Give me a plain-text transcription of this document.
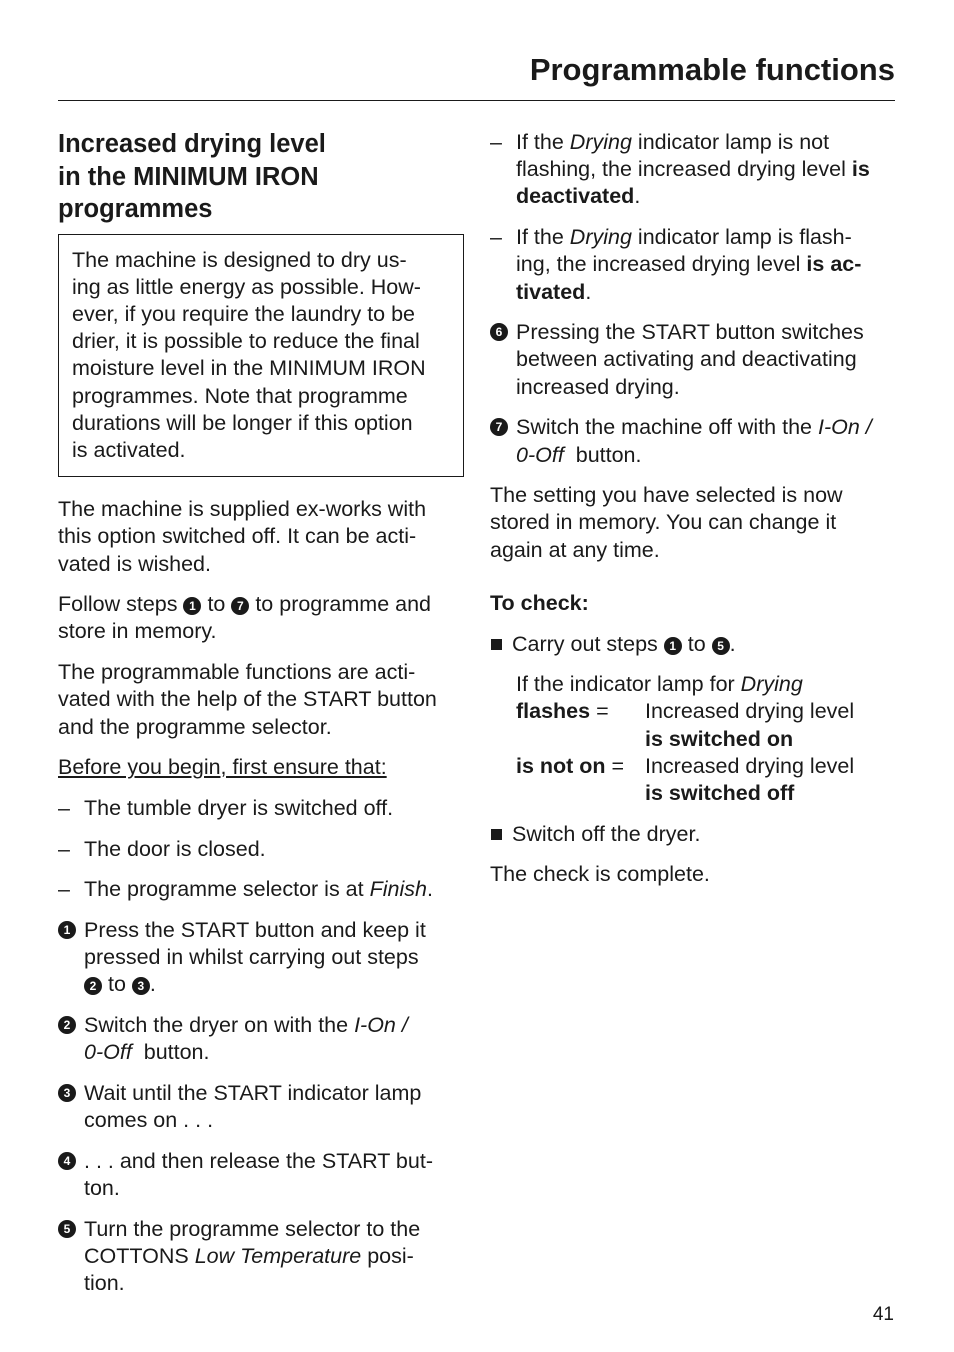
Programmable functions
Increased drying level
in the MINIMUM IRON
programmes
The machine is designed to dry us-
ing as little energy as possible. How-
ever, if you require the laundry to be
drier, it is possible to reduce the final
moisture level in the MINIMUM IRON
programmes. Note that programme
durations will be longer if this option
is activated.

The machine is supplied ex-works with
this option switched off. It can be acti-
vated is wished.

Follow steps 1 to 7 to programme and
store in memory.

The programmable functions are acti-
vated with the help of the START button
and the programme selector.

Before you begin, first ensure that:

– The tumble dryer is switched off.
– The door is closed.
– The programme selector is at Finish.
1 Press the START button and keep it
pressed in whilst carrying out steps
2 to 3 .
2 Switch the dryer on with the I-On /
0-Off  button.
3 Wait until the START indicator lamp
comes on . . .
4 . . . and then release the START but-
ton.
5 Turn the programme selector to the
COTTONS Low Temperature posi-
tion.
– If the Drying indicator lamp is not
flashing, the increased drying level is
deactivated.
– If the Drying indicator lamp is flash-
ing, the increased drying level is ac-
tivated.
6 Pressing the START button switches
between activating and deactivating
increased drying.
7 Switch the machine off with the I-On /
0-Off  button.

The setting you have selected is now
stored in memory. You can change it
again at any time.

To check:
Carry out steps 1 to 5 .
If the indicator lamp for Drying
flashes =	Increased drying level
is switched on
is not on = Increased drying level
is switched off
Switch off the dryer.

The check is complete.

41
